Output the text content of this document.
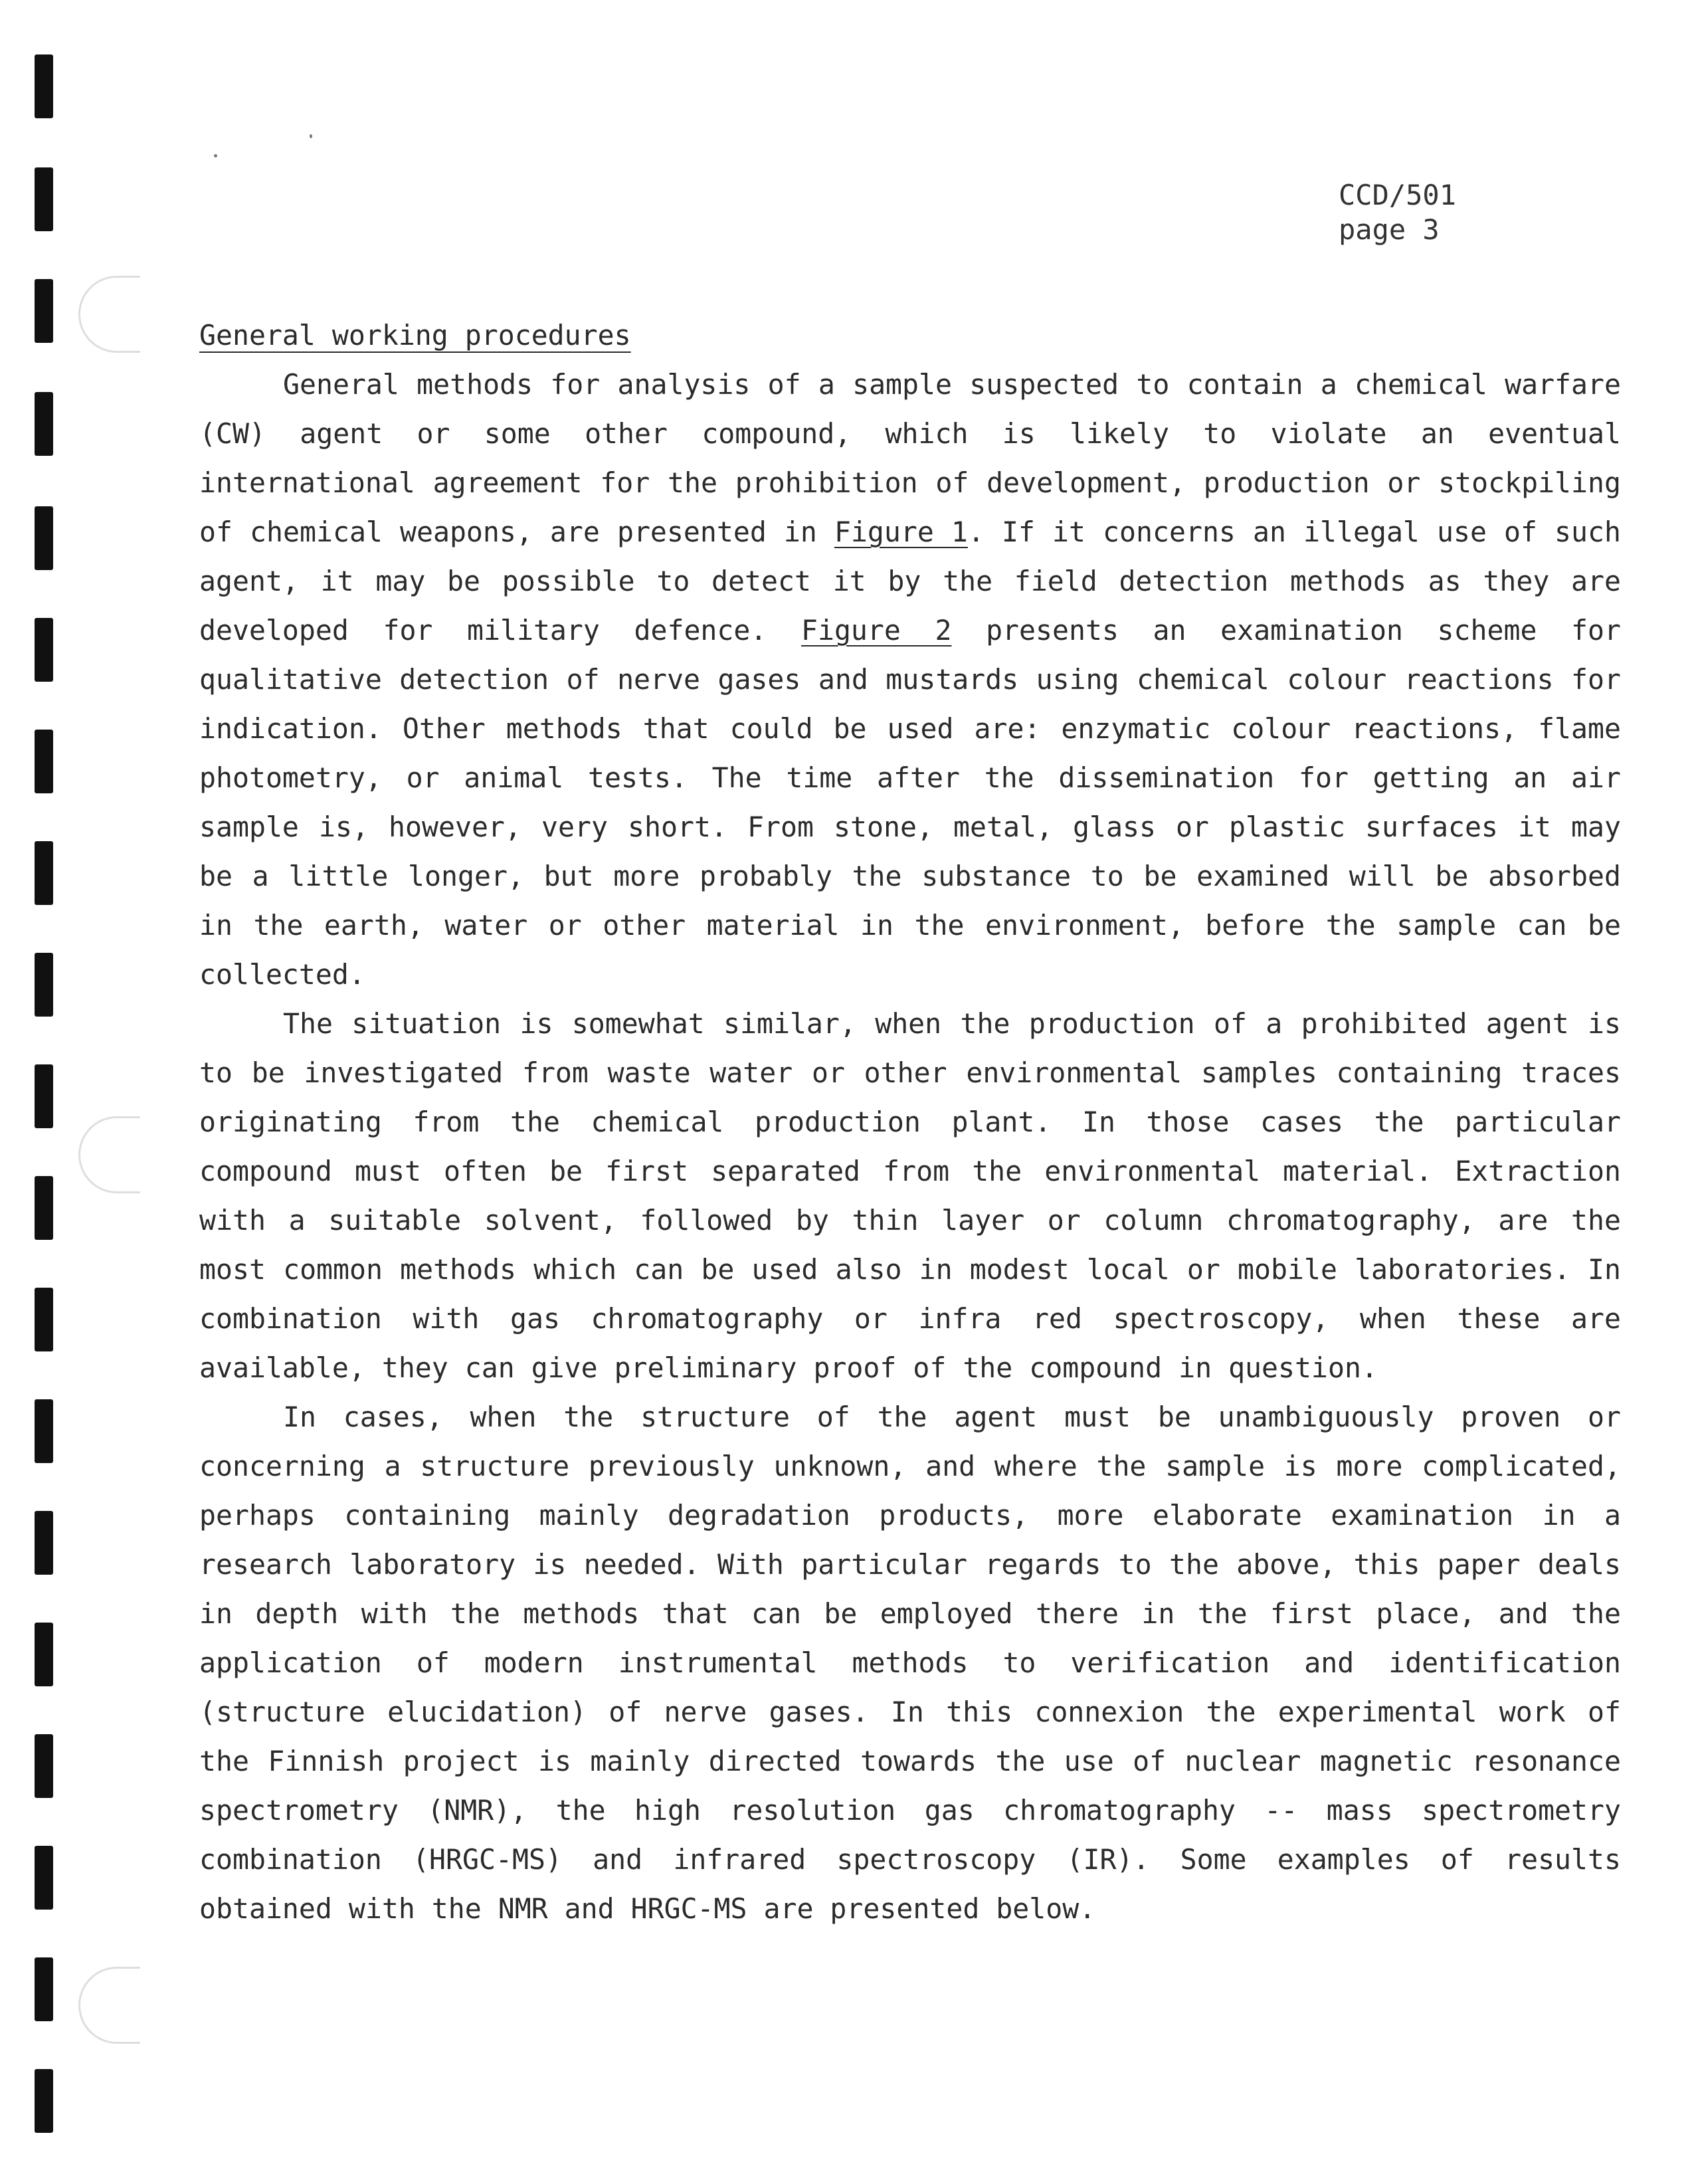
CCD/501
page 3
General working procedures

General methods for analysis of a sample suspected to contain a chemical warfare (CW) agent or some other compound, which is likely to violate an eventual international agreement for the prohibition of development, production or stockpiling of chemical weapons, are presented in Figure 1. If it concerns an illegal use of such agent, it may be possible to detect it by the field detection methods as they are developed for military defence. Figure 2 presents an examination scheme for qualitative detection of nerve gases and mustards using chemical colour reactions for indication. Other methods that could be used are: enzymatic colour reactions, flame photometry, or animal tests. The time after the dissemination for getting an air sample is, however, very short. From stone, metal, glass or plastic surfaces it may be a little longer, but more probably the substance to be examined will be absorbed in the earth, water or other material in the environment, before the sample can be collected.

The situation is somewhat similar, when the production of a prohibited agent is to be investigated from waste water or other environmental samples containing traces originating from the chemical production plant. In those cases the particular compound must often be first separated from the environmental material. Extraction with a suitable solvent, followed by thin layer or column chromatography, are the most common methods which can be used also in modest local or mobile laboratories. In combination with gas chromatography or infra red spectroscopy, when these are available, they can give preliminary proof of the compound in question.

In cases, when the structure of the agent must be unambiguously proven or concerning a structure previously unknown, and where the sample is more complicated, perhaps containing mainly degradation products, more elaborate examination in a research laboratory is needed. With particular regards to the above, this paper deals in depth with the methods that can be employed there in the first place, and the application of modern instrumental methods to verification and identification (structure elucidation) of nerve gases. In this connexion the experimental work of the Finnish project is mainly directed towards the use of nuclear magnetic resonance spectrometry (NMR), the high resolution gas chromatography -- mass spectrometry combination (HRGC-MS) and infrared spectroscopy (IR). Some examples of results obtained with the NMR and HRGC-MS are presented below.
